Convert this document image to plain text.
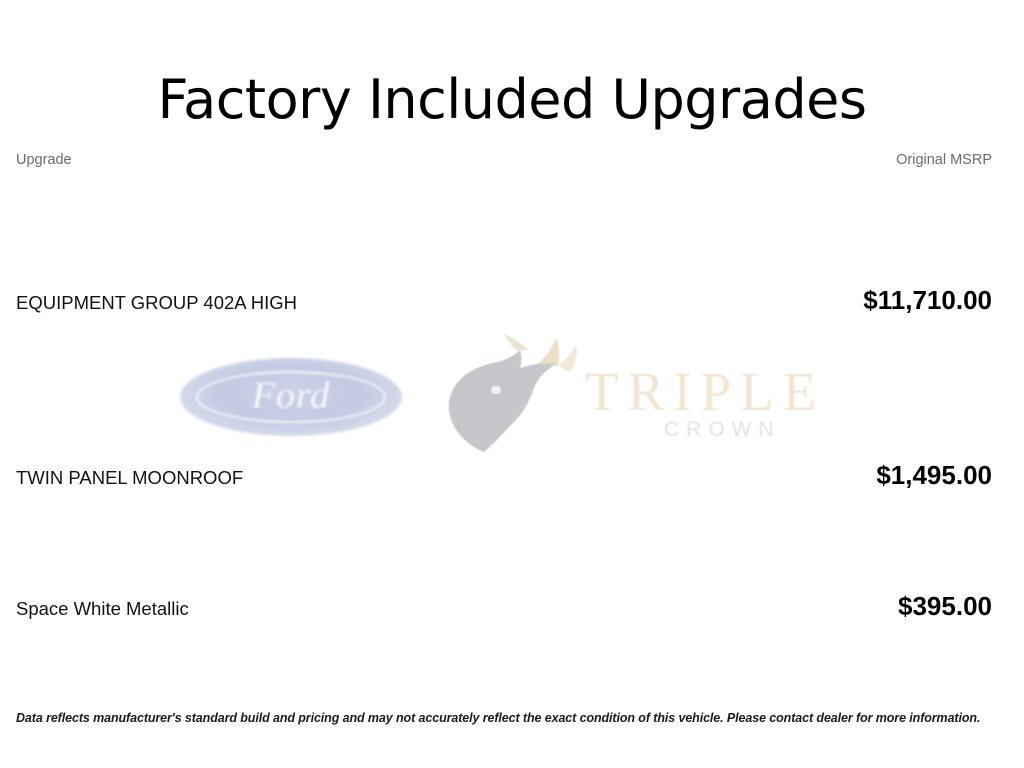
Ford	TRIPLE
CROWN
Factory Included Upgrades
Upgrade	Original MSRP
EQUIPMENT GROUP 402A HIGH	$11,710.00
TWIN PANEL MOONROOF	$1,495.00
Space White Metallic	$395.00
Data reflects manufacturer's standard build and pricing and may not accurately reflect the exact condition of this vehicle. Please contact dealer for more information.
